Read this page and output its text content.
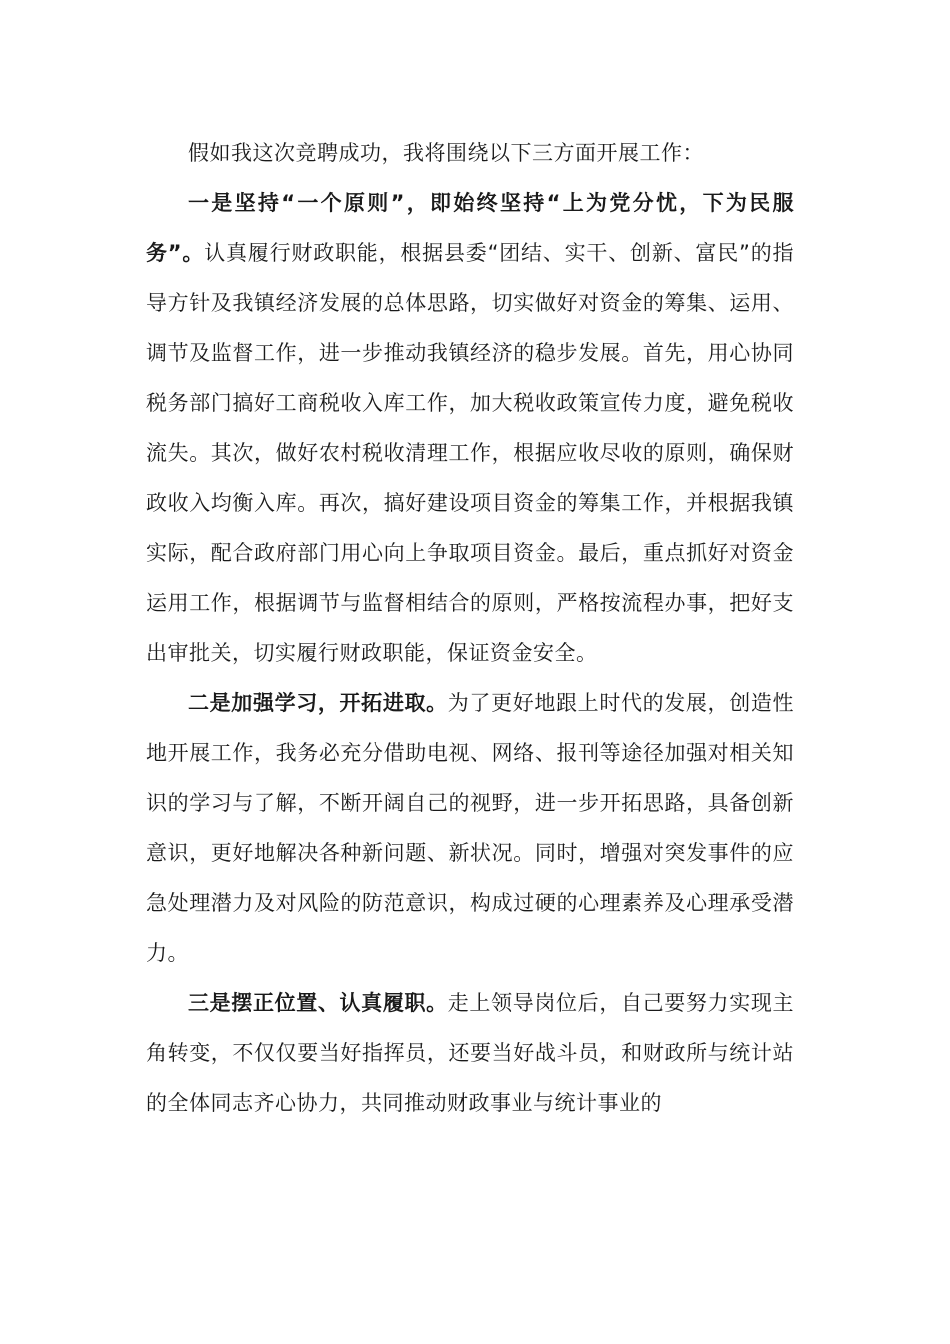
假如我这次竞聘成功，我将围绕以下三方面开展工作：

一是坚持“一个原则”，即始终坚持“上为党分忧，下为民服务”。认真履行财政职能，根据县委“团结、实干、创新、富民”的指导方针及我镇经济发展的总体思路，切实做好对资金的筹集、运用、调节及监督工作，进一步推动我镇经济的稳步发展。首先，用心协同税务部门搞好工商税收入库工作，加大税收政策宣传力度，避免税收流失。其次，做好农村税收清理工作，根据应收尽收的原则，确保财政收入均衡入库。再次，搞好建设项目资金的筹集工作，并根据我镇实际，配合政府部门用心向上争取项目资金。最后，重点抓好对资金运用工作，根据调节与监督相结合的原则，严格按流程办事，把好支出审批关，切实履行财政职能，保证资金安全。

二是加强学习，开拓进取。为了更好地跟上时代的发展，创造性地开展工作，我务必充分借助电视、网络、报刊等途径加强对相关知识的学习与了解，不断开阔自己的视野，进一步开拓思路，具备创新意识，更好地解决各种新问题、新状况。同时，增强对突发事件的应急处理潜力及对风险的防范意识，构成过硬的心理素养及心理承受潜力。

三是摆正位置、认真履职。走上领导岗位后，自己要努力实现主角转变，不仅仅要当好指挥员，还要当好战斗员，和财政所与统计站的全体同志齐心协力，共同推动财政事业与统计事业的
